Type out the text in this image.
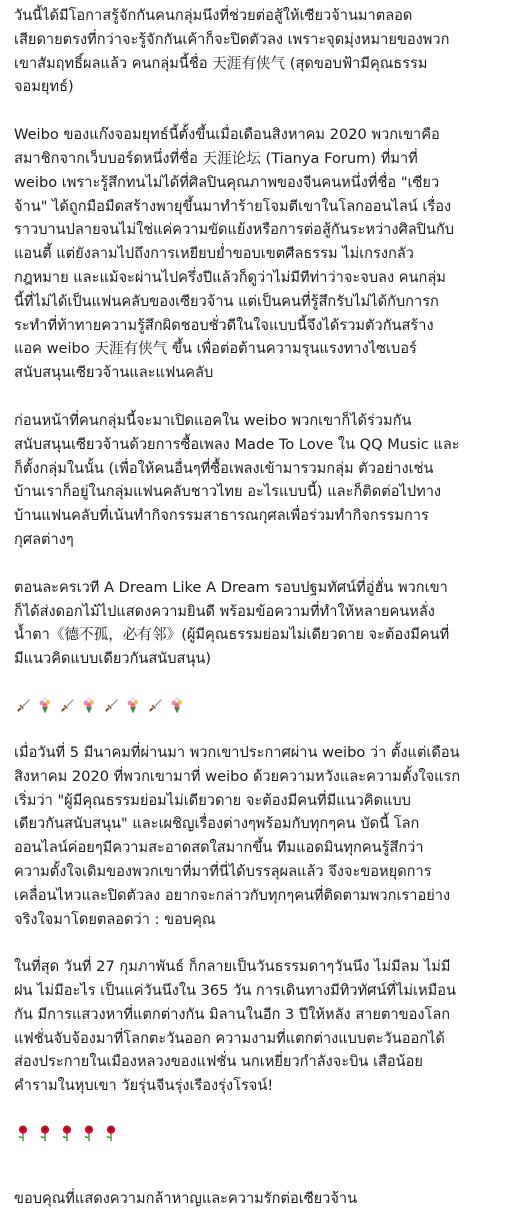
วันนี้ได้มีโอกาสรู้จักกันคนกลุ่มนึงที่ช่วยต่อสู้ให้เซียวจ้านมาตลอด
เสียดายตรงที่กว่าจะรู้จักกันเค้าก็จะปิดตัวลง เพราะจุดมุ่งหมายของพวก
เขาสัมฤทธิ์ผลแล้ว คนกลุ่มนี้ชื่อ 天涯有侠气 (สุดขอบฟ้ามีคุณธรรม
จอมยุทธ์)
Weibo ของแก๊งจอมยุทธ์นี้ตั้งขึ้นเมื่อเดือนสิงหาคม 2020 พวกเขาคือ
สมาชิกจากเว็บบอร์ดหนึ่งที่ชื่อ 天涯论坛 (Tianya Forum) ที่มาที่
weibo เพราะรู้สึกทนไม่ได้ที่ศิลปินคุณภาพของจีนคนหนึ่งที่ชื่อ "เซียว
จ้าน" ได้ถูกมือมืดสร้างพายุขึ้นมาทำร้ายโจมตีเขาในโลกออนไลน์ เรื่อง
ราวบานปลายจนไม่ใช่แค่ความขัดแย้งหรือการต่อสู้กันระหว่างศิลปินกับ
แอนตี้ แต่ยังลามไปถึงการเหยียบย่ำขอบเขตศีลธรรม ไม่เกรงกลัว
กฎหมาย และแม้จะผ่านไปครึ่งปีแล้วก็ดูว่าไม่มีทีท่าว่าจะจบลง คนกลุ่ม
นี้ที่ไม่ได้เป็นแฟนคลับของเซียวจ้าน แต่เป็นคนที่รู้สึกรับไม่ได้กับการก
ระทำที่ท้าทายความรู้สึกผิดชอบชั่วดีในใจแบบนี้จึงได้รวมตัวกันสร้าง
แอค weibo 天涯有侠气 ขึ้น เพื่อต่อต้านความรุนแรงทางไซเบอร์
สนับสนุนเซียวจ้านและแฟนคลับ
ก่อนหน้าที่คนกลุ่มนี้จะมาเปิดแอคใน weibo พวกเขาก็ได้ร่วมกัน
สนับสนุนเซียวจ้านด้วยการซื้อเพลง Made To Love ใน QQ Music และ
ก็ตั้งกลุ่มในนั้น (เพื่อให้คนอื่นๆที่ซื้อเพลงเข้ามารวมกลุ่ม ตัวอย่างเช่น
บ้านเราก็อยู่ในกลุ่มแฟนคลับชาวไทย อะไรแบบนี้) และก็ติดต่อไปทาง
บ้านแฟนคลับที่เน้นทำกิจกรรมสาธารณกุศลเพื่อร่วมทำกิจกรรมการ
กุศลต่างๆ
ตอนละครเวที A Dream Like A Dream รอบปฐมทัศน์ที่อู่ฮั่น พวกเขา
ก็ได้ส่งดอกไม้ไปแสดงความยินดี พร้อมข้อความที่ทำให้หลายคนหลั่ง
น้ำตา《德不孤，必有邻》(ผู้มีคุณธรรมย่อมไม่เดียวดาย จะต้องมีคนที่
มีแนวคิดแบบเดียวกันสนับสนุน)
เมื่อวันที่ 5 มีนาคมที่ผ่านมา พวกเขาประกาศผ่าน weibo ว่า ตั้งแต่เดือน
สิงหาคม 2020 ที่พวกเขามาที่ weibo ด้วยความหวังและความตั้งใจแรก
เริ่มว่า "ผู้มีคุณธรรมย่อมไม่เดียวดาย จะต้องมีคนที่มีแนวคิดแบบ
เดียวกันสนับสนุน" และเผชิญเรื่องต่างๆพร้อมกับทุกๆคน บัดนี้ โลก
ออนไลน์ค่อยๆมีความสะอาดสดใสมากขึ้น ทีมแอดมินทุกคนรู้สึกว่า
ความตั้งใจเดิมของพวกเขาที่มาที่นี่ได้บรรลุผลแล้ว จึงจะขอหยุดการ
เคลื่อนไหวและปิดตัวลง อยากจะกล่าวกับทุกๆคนที่ติดตามพวกเราอย่าง
จริงใจมาโดยตลอดว่า : ขอบคุณ
ในที่สุด วันที่ 27 กุมภาพันธ์ ก็กลายเป็นวันธรรมดาๆวันนึง ไม่มีลม ไม่มี
ฝน ไม่มีอะไร เป็นแค่วันนึงใน 365 วัน การเดินทางมีทิวทัศน์ที่ไม่เหมือน
กัน มีการแสวงหาที่แตกต่างกัน มิลานในอีก 3 ปีให้หลัง สายตาของโลก
แฟชั่นจับจ้องมาที่โลกตะวันออก ความงามที่แตกต่างแบบตะวันออกได้
ส่องประกายในเมืองหลวงของแฟชั่น นกเหยี่ยวกำลังจะบิน เสือน้อย
คำรามในหุบเขา วัยรุ่นจีนรุ่งเรืองรุ่งโรจน์!
ขอบคุณที่แสดงความกล้าหาญและความรักต่อเซียวจ้าน
